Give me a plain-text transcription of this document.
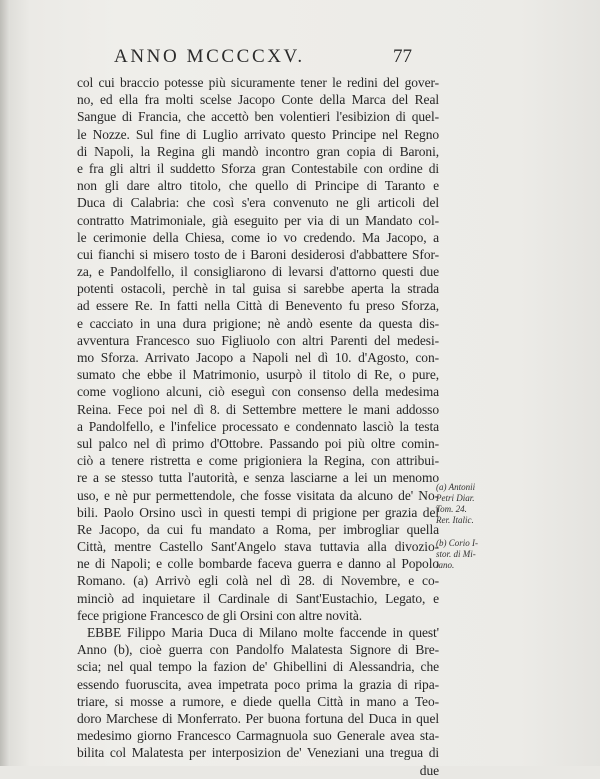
ANNO MCCCCXV.	77
col cui braccio potesse più sicuramente tener le redini del gover-
no, ed ella fra molti scelse Jacopo Conte della Marca del Real
Sangue di Francia, che accettò ben volentieri l'esibizion di quel-
le Nozze. Sul fine di Luglio arrivato questo Principe nel Regno
di Napoli, la Regina gli mandò incontro gran copia di Baroni,
e fra gli altri il suddetto Sforza gran Contestabile con ordine di
non gli dare altro titolo, che quello di Principe di Taranto e
Duca di Calabria: che così s'era convenuto ne gli articoli del
contratto Matrimoniale, già eseguito per via di un Mandato col-
le cerimonie della Chiesa, come io vo credendo. Ma Jacopo, a
cui fianchi si misero tosto de i Baroni desiderosi d'abbattere Sfor-
za, e Pandolfello, il consigliarono di levarsi d'attorno questi due
potenti ostacoli, perchè in tal guisa si sarebbe aperta la strada
ad essere Re. In fatti nella Città di Benevento fu preso Sforza,
e cacciato in una dura prigione; nè andò esente da questa dis-
avventura Francesco suo Figliuolo con altri Parenti del medesi-
mo Sforza. Arrivato Jacopo a Napoli nel dì 10. d'Agosto, con-
sumato che ebbe il Matrimonio, usurpò il titolo di Re, o pure,
come vogliono alcuni, ciò eseguì con consenso della medesima
Reina. Fece poi nel dì 8. di Settembre mettere le mani addosso
a Pandolfello, e l'infelice processato e condennato lasciò la testa
sul palco nel dì primo d'Ottobre. Passando poi più oltre comin-
ciò a tenere ristretta e come prigioniera la Regina, con attribui-
re a se stesso tutta l'autorità, e senza lasciarne a lei un menomo
uso, e nè pur permettendole, che fosse visitata da alcuno de' No-
bili. Paolo Orsino uscì in questi tempi di prigione per grazia del
Re Jacopo, da cui fu mandato a Roma, per imbrogliar quella
Città, mentre Castello Sant'Angelo stava tuttavia alla divozio-
ne di Napoli; e colle bombarde faceva guerra e danno al Popolo
Romano. (a) Arrivò egli colà nel dì 28. di Novembre, e co-
minciò ad inquietare il Cardinale di Sant'Eustachio, Legato, e
fece prigione Francesco de gli Orsini con altre novità.
EBBE Filippo Maria Duca di Milano molte faccende in quest'
Anno (b), cioè guerra con Pandolfo Malatesta Signore di Bre-
scia; nel qual tempo la fazion de' Ghibellini di Alessandria, che
essendo fuoruscita, avea impetrata poco prima la grazia di ripa-
triare, si mosse a rumore, e diede quella Città in mano a Teo-
doro Marchese di Monferrato. Per buona fortuna del Duca in quel
medesimo giorno Francesco Carmagnuola suo Generale avea sta-
bilita col Malatesta per interposizion de' Veneziani una tregua di
due
(a) Antonii
Petri Diar.
Tom. 24.
Rer. Italic.
(b) Corio I-
stor. di Mi-
lano.
